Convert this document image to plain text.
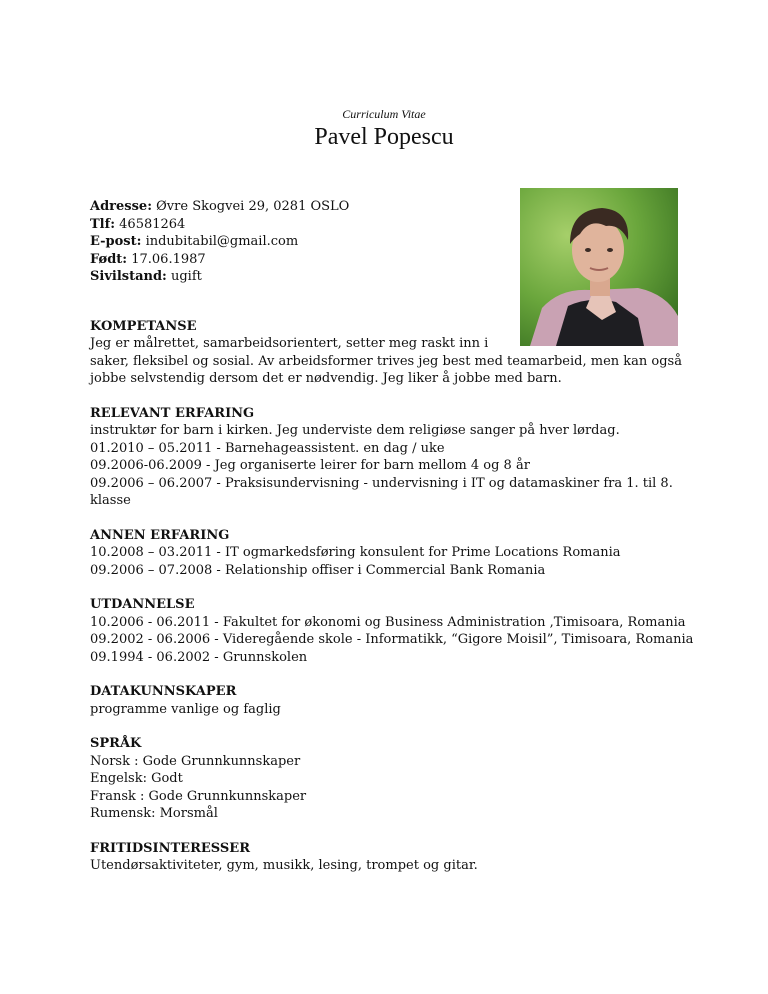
Curriculum Vitae
Pavel Popescu
Adresse: Øvre Skogvei 29, 0281 OSLO
Tlf: 46581264
E-post: indubitabil@gmail.com
Født: 17.06.1987
Sivilstand: ugift
KOMPETANSE
Jeg er målrettet, samarbeidsorientert, setter meg raskt inn i
saker, fleksibel og sosial. Av arbeidsformer trives jeg best med teamarbeid, men kan også
jobbe selvstendig dersom det er nødvendig. Jeg liker å jobbe med barn.
RELEVANT ERFARING
instruktør for barn i kirken. Jeg underviste dem religiøse sanger på hver lørdag.
01.2010 – 05.2011 - Barnehageassistent. en dag / uke
09.2006-06.2009 - Jeg organiserte leirer for barn mellom 4 og 8 år
09.2006 – 06.2007 - Praksisundervisning - undervisning i IT og datamaskiner fra 1. til 8.
klasse
ANNEN ERFARING
10.2008 – 03.2011 - IT ogmarkedsføring konsulent for Prime Locations Romania
09.2006 – 07.2008 - Relationship offiser i Commercial Bank Romania
UTDANNELSE
10.2006 - 06.2011 - Fakultet for økonomi og Business Administration ,Timisoara, Romania
09.2002 - 06.2006 - Videregående skole - Informatikk, “Gigore Moisil”, Timisoara, Romania
09.1994 - 06.2002 - Grunnskolen
DATAKUNNSKAPER
programme vanlige og faglig
SPRÅK
Norsk : Gode Grunnkunnskaper
Engelsk: Godt
Fransk : Gode Grunnkunnskaper
Rumensk: Morsmål
FRITIDSINTERESSER
Utendørsaktiviteter, gym, musikk, lesing, trompet og gitar.
